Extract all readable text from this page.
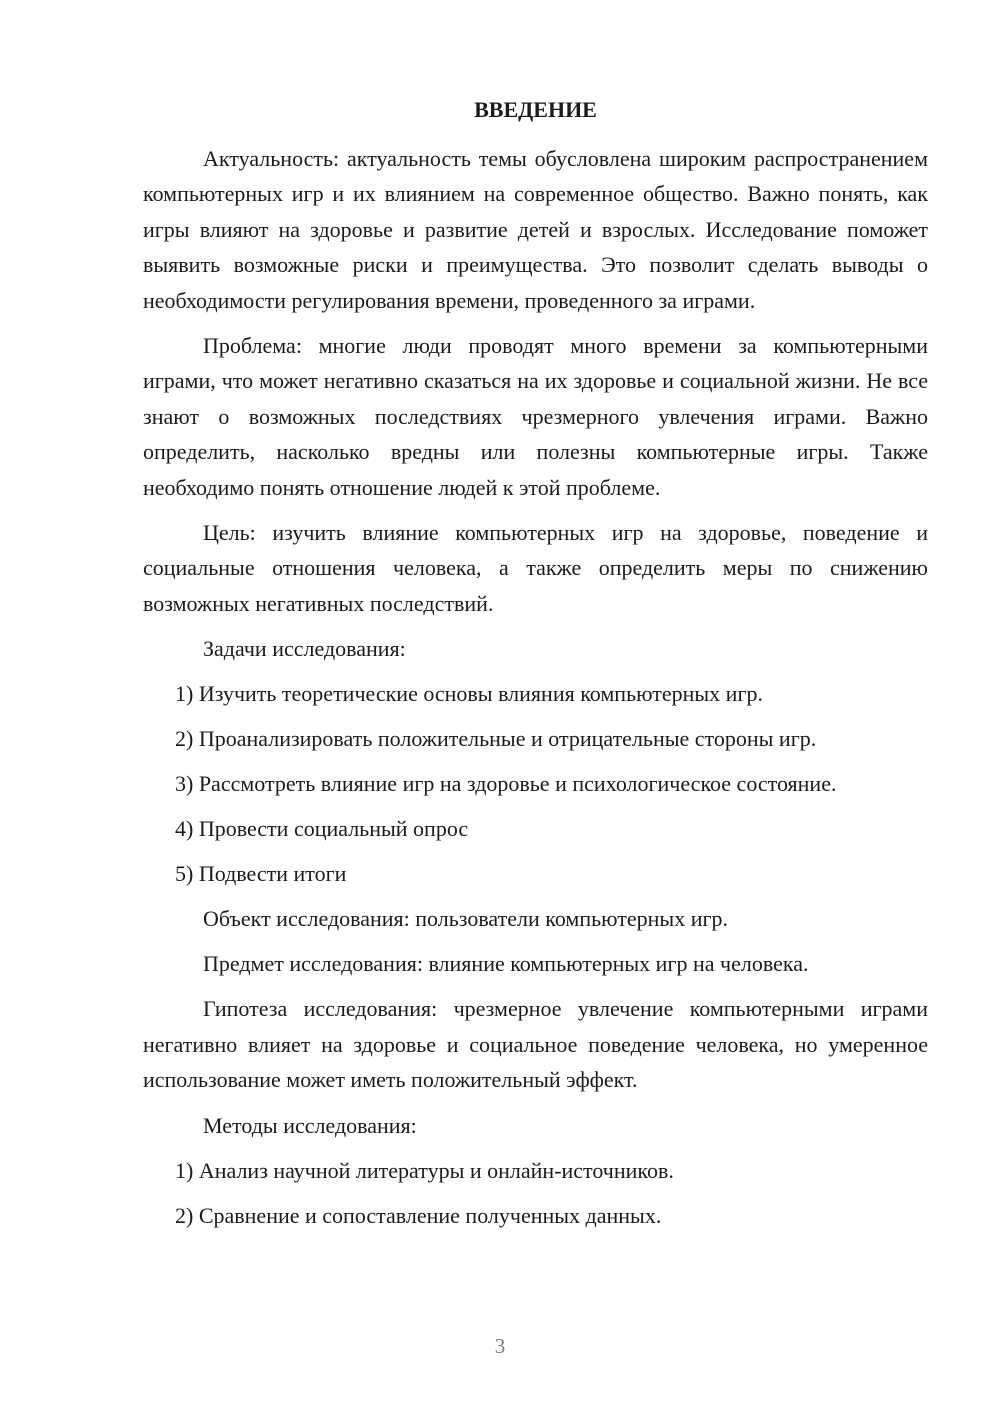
ВВЕДЕНИЕ

Актуальность: актуальность темы обусловлена широким распространением компьютерных игр и их влиянием на современное общество. Важно понять, как игры влияют на здоровье и развитие детей и взрослых. Исследование поможет выявить возможные риски и преимущества. Это позволит сделать выводы о необходимости регулирования времени, проведенного за играми.

Проблема: многие люди проводят много времени за компьютерными играми, что может негативно сказаться на их здоровье и социальной жизни. Не все знают о возможных последствиях чрезмерного увлечения играми. Важно определить, насколько вредны или полезны компьютерные игры. Также необходимо понять отношение людей к этой проблеме.

Цель: изучить влияние компьютерных игр на здоровье, поведение и социальные отношения человека, а также определить меры по снижению возможных негативных последствий.

Задачи исследования:

1) Изучить теоретические основы влияния компьютерных игр.

2) Проанализировать положительные и отрицательные стороны игр.

3) Рассмотреть влияние игр на здоровье и психологическое состояние.

4) Провести социальный опрос

5) Подвести итоги

Объект исследования: пользователи компьютерных игр.

Предмет исследования: влияние компьютерных игр на человека.

Гипотеза исследования: чрезмерное увлечение компьютерными играми негативно влияет на здоровье и социальное поведение человека, но умеренное использование может иметь положительный эффект.

Методы исследования:

1) Анализ научной литературы и онлайн-источников.

2) Сравнение и сопоставление полученных данных.

3
